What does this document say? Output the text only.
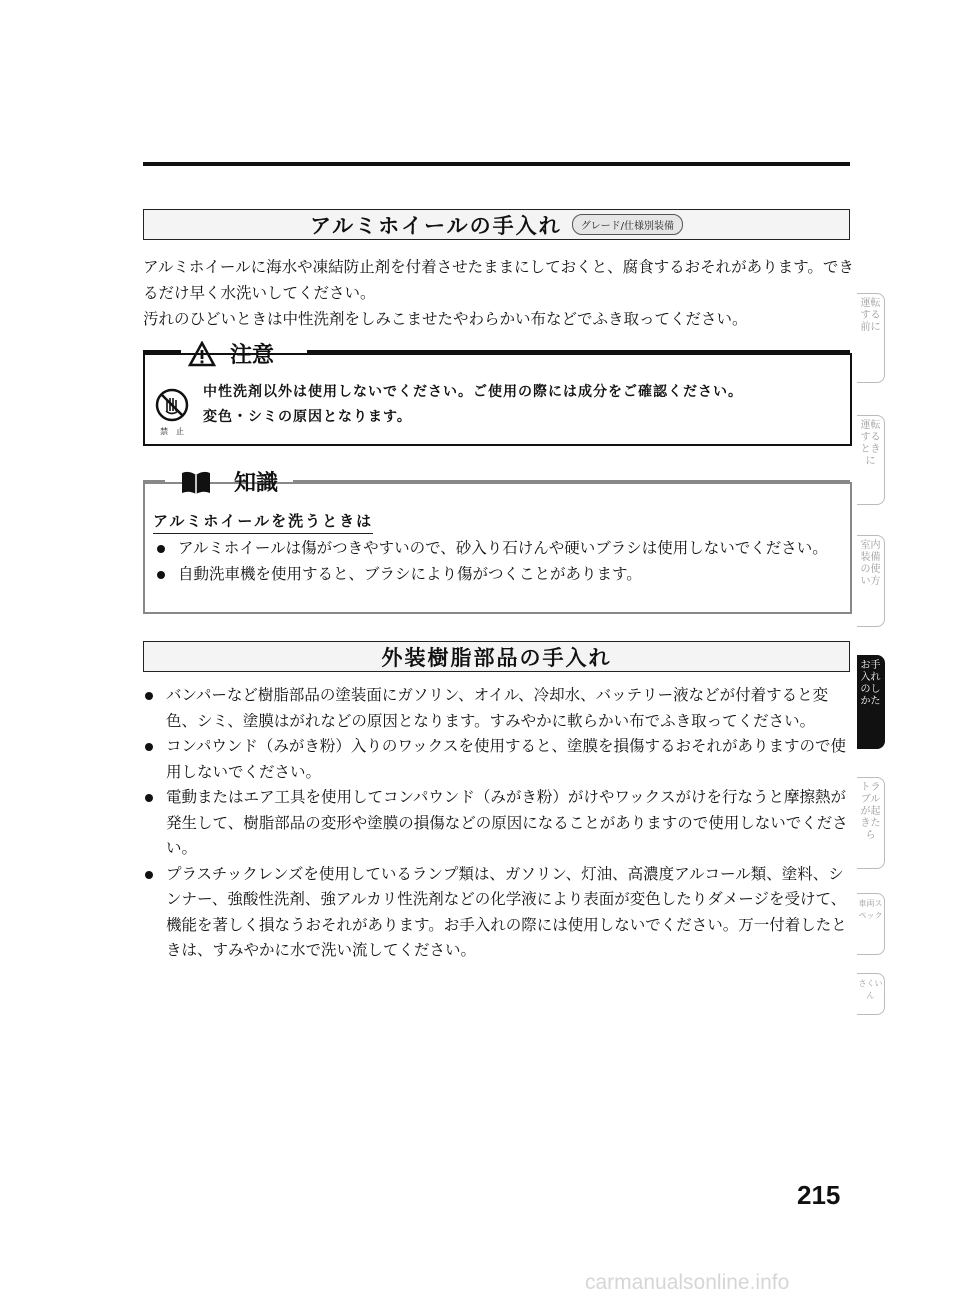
アルミホイールの手入れ	グレード/仕様別装備
アルミホイールに海水や凍結防止剤を付着させたままにしておくと、腐食するおそれがあります。できるだけ早く水洗いしてください。
汚れのひどいときは中性洗剤をしみこませたやわらかい布などでふき取ってください。
注意
禁　止
中性洗剤以外は使用しないでください。ご使用の際には成分をご確認ください。
変色・シミの原因となります。
知識
アルミホイールを洗うときは
アルミホイールは傷がつきやすいので、砂入り石けんや硬いブラシは使用しないでください。
自動洗車機を使用すると、ブラシにより傷がつくことがあります。
外装樹脂部品の手入れ
バンパーなど樹脂部品の塗装面にガソリン、オイル、冷却水、バッテリー液などが付着すると変色、シミ、塗膜はがれなどの原因となります。すみやかに軟らかい布でふき取ってください。
コンパウンド（みがき粉）入りのワックスを使用すると、塗膜を損傷するおそれがありますので使用しないでください。
電動またはエア工具を使用してコンパウンド（みがき粉）がけやワックスがけを行なうと摩擦熱が発生して、樹脂部品の変形や塗膜の損傷などの原因になることがありますので使用しないでください。
プラスチックレンズを使用しているランプ類は、ガソリン、灯油、高濃度アルコール類、塗料、シンナー、強酸性洗剤、強アルカリ性洗剤などの化学液により表面が変色したりダメージを受けて、機能を著しく損なうおそれがあります。お手入れの際には使用しないでください。万一付着したときは、すみやかに水で洗い流してください。
運転する前に
運転するときに
室内装備の使い方
お手入れのしかた
トラブルが起きたら
車両スペック
さくいん
215
carmanualsonline.info
